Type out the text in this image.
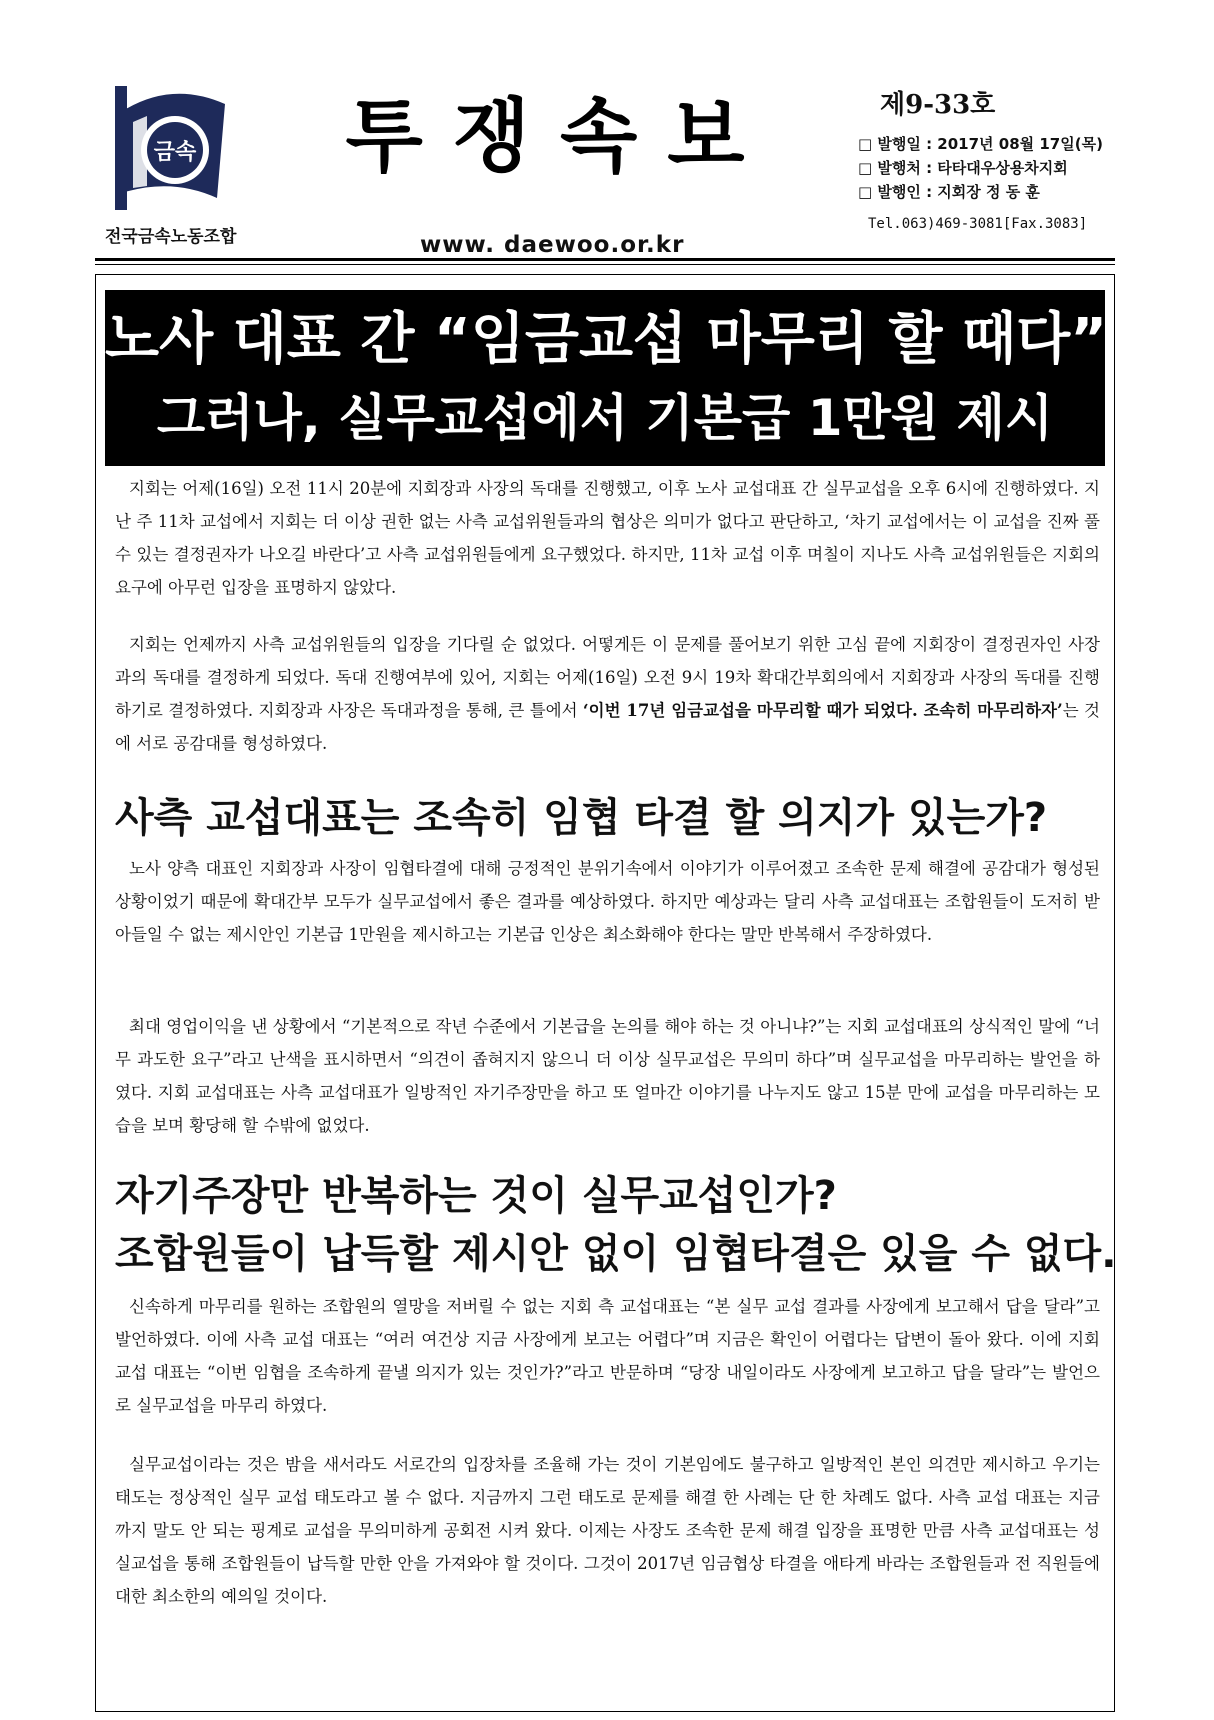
금속	투쟁속보	제9-33호
□ 발행일 : 2017년 08월 17일(목)
□ 발행처 : 타타대우상용차지회
□ 발행인 : 지회장 정 동 훈
Tel.063)469-3081[Fax.3083]
전국금속노동조합	www. daewoo.or.kr
노사 대표 간 “임금교섭 마무리 할 때다”
그러나, 실무교섭에서 기본급 1만원 제시
지회는 어제(16일) 오전 11시 20분에 지회장과 사장의 독대를 진행했고, 이후 노사 교섭대표 간 실무교섭을 오후 6시에 진행하였다. 지난 주 11차 교섭에서 지회는 더 이상 권한 없는 사측 교섭위원들과의 협상은 의미가 없다고 판단하고, ‘차기 교섭에서는 이 교섭을 진짜 풀 수 있는 결정권자가 나오길 바란다’고 사측 교섭위원들에게 요구했었다. 하지만, 11차 교섭 이후 며칠이 지나도 사측 교섭위원들은 지회의 요구에 아무런 입장을 표명하지 않았다.
지회는 언제까지 사측 교섭위원들의 입장을 기다릴 순 없었다. 어떻게든 이 문제를 풀어보기 위한 고심 끝에 지회장이 결정권자인 사장과의 독대를 결정하게 되었다. 독대 진행여부에 있어, 지회는 어제(16일) 오전 9시 19차 확대간부회의에서 지회장과 사장의 독대를 진행하기로 결정하였다. 지회장과 사장은 독대과정을 통해, 큰 틀에서 ‘이번 17년 임금교섭을 마무리할 때가 되었다. 조속히 마무리하자’는 것에 서로 공감대를 형성하였다.
사측 교섭대표는 조속히 임협 타결 할 의지가 있는가?
노사 양측 대표인 지회장과 사장이 임협타결에 대해 긍정적인 분위기속에서 이야기가 이루어졌고 조속한 문제 해결에 공감대가 형성된 상황이었기 때문에 확대간부 모두가 실무교섭에서 좋은 결과를 예상하였다. 하지만 예상과는 달리 사측 교섭대표는 조합원들이 도저히 받아들일 수 없는 제시안인 기본급 1만원을 제시하고는 기본급 인상은 최소화해야 한다는 말만 반복해서 주장하였다.
최대 영업이익을 낸 상황에서 “기본적으로 작년 수준에서 기본급을 논의를 해야 하는 것 아니냐?”는 지회 교섭대표의 상식적인 말에 “너무 과도한 요구”라고 난색을 표시하면서 “의견이 좁혀지지 않으니 더 이상 실무교섭은 무의미 하다”며 실무교섭을 마무리하는 발언을 하였다. 지회 교섭대표는 사측 교섭대표가 일방적인 자기주장만을 하고 또 얼마간 이야기를 나누지도 않고 15분 만에 교섭을 마무리하는 모습을 보며 황당해 할 수밖에 없었다.
자기주장만 반복하는 것이 실무교섭인가?
조합원들이 납득할 제시안 없이 임협타결은 있을 수 없다.
신속하게 마무리를 원하는 조합원의 열망을 저버릴 수 없는 지회 측 교섭대표는 “본 실무 교섭 결과를 사장에게 보고해서 답을 달라”고 발언하였다. 이에 사측 교섭 대표는 “여러 여건상 지금 사장에게 보고는 어렵다”며 지금은 확인이 어렵다는 답변이 돌아 왔다. 이에 지회 교섭 대표는 “이번 임협을 조속하게 끝낼 의지가 있는 것인가?”라고 반문하며 “당장 내일이라도 사장에게 보고하고 답을 달라”는 발언으로 실무교섭을 마무리 하였다.
실무교섭이라는 것은 밤을 새서라도 서로간의 입장차를 조율해 가는 것이 기본임에도 불구하고 일방적인 본인 의견만 제시하고 우기는 태도는 정상적인 실무 교섭 태도라고 볼 수 없다. 지금까지 그런 태도로 문제를 해결 한 사례는 단 한 차례도 없다. 사측 교섭 대표는 지금까지 말도 안 되는 핑계로 교섭을 무의미하게 공회전 시켜 왔다. 이제는 사장도 조속한 문제 해결 입장을 표명한 만큼 사측 교섭대표는 성실교섭을 통해 조합원들이 납득할 만한 안을 가져와야 할 것이다. 그것이 2017년 임금협상 타결을 애타게 바라는 조합원들과 전 직원들에 대한 최소한의 예의일 것이다.
